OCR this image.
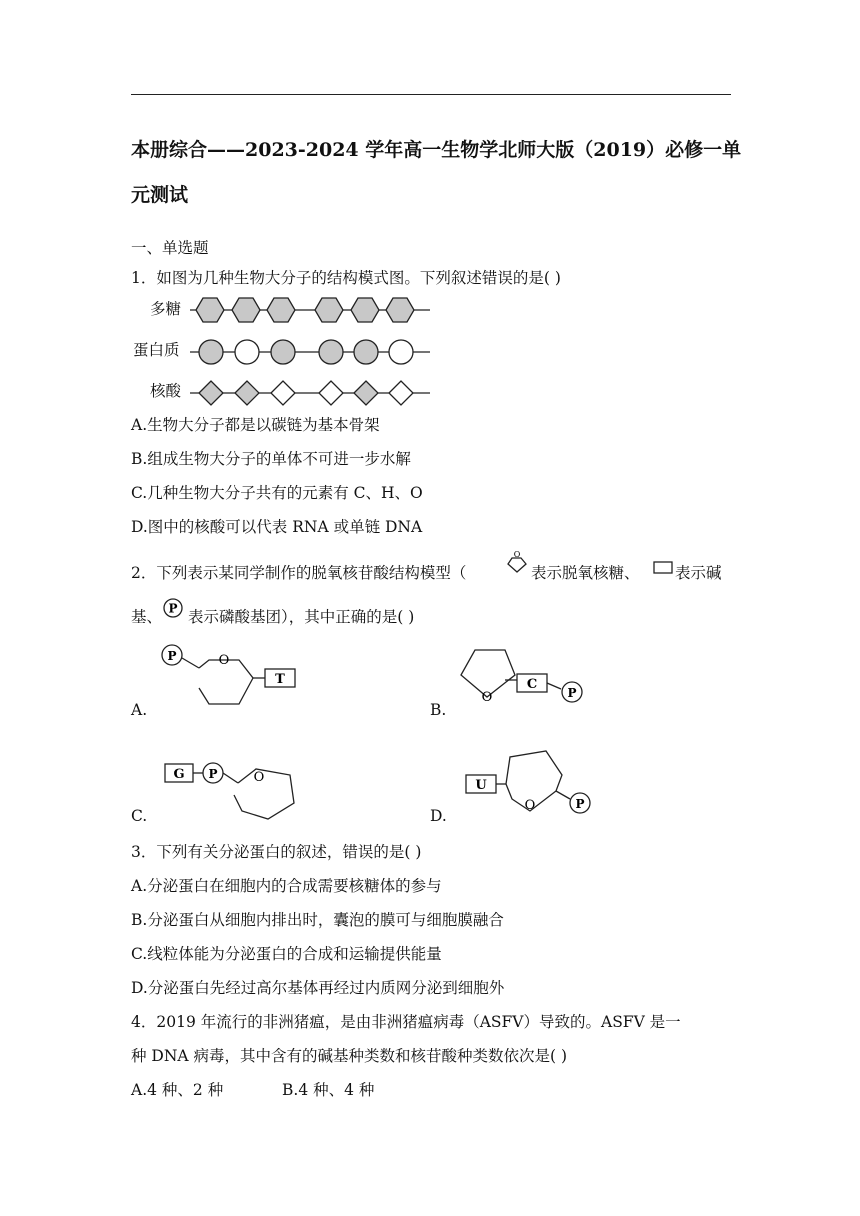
本册综合——2023-2024 学年高一生物学北师大版（2019）必修一单
元测试
一、单选题
1．如图为几种生物大分子的结构模式图。下列叙述错误的是( )
多糖
蛋白质
核酸
A.生物大分子都是以碳链为基本骨架
B.组成生物大分子的单体不可进一步水解
C.几种生物大分子共有的元素有 C、H、O
D.图中的核酸可以代表 RNA 或单链 DNA
2．下列表示某同学制作的脱氧核苷酸结构模型（
O
表示脱氧核糖、 表示碱
基、 P 表示磷酸基团），其中正确的是( )
A.
P	O
T
B.
O
C
P
C.
G P	O
D.
U
O	P
3．下列有关分泌蛋白的叙述，错误的是( )
A.分泌蛋白在细胞内的合成需要核糖体的参与
B.分泌蛋白从细胞内排出时，囊泡的膜可与细胞膜融合
C.线粒体能为分泌蛋白的合成和运输提供能量
D.分泌蛋白先经过高尔基体再经过内质网分泌到细胞外
4．2019 年流行的非洲猪瘟，是由非洲猪瘟病毒（ASFV）导致的。ASFV 是一
种 DNA 病毒，其中含有的碱基种类数和核苷酸种类数依次是( )
A.4 种、2 种	B.4 种、4 种
